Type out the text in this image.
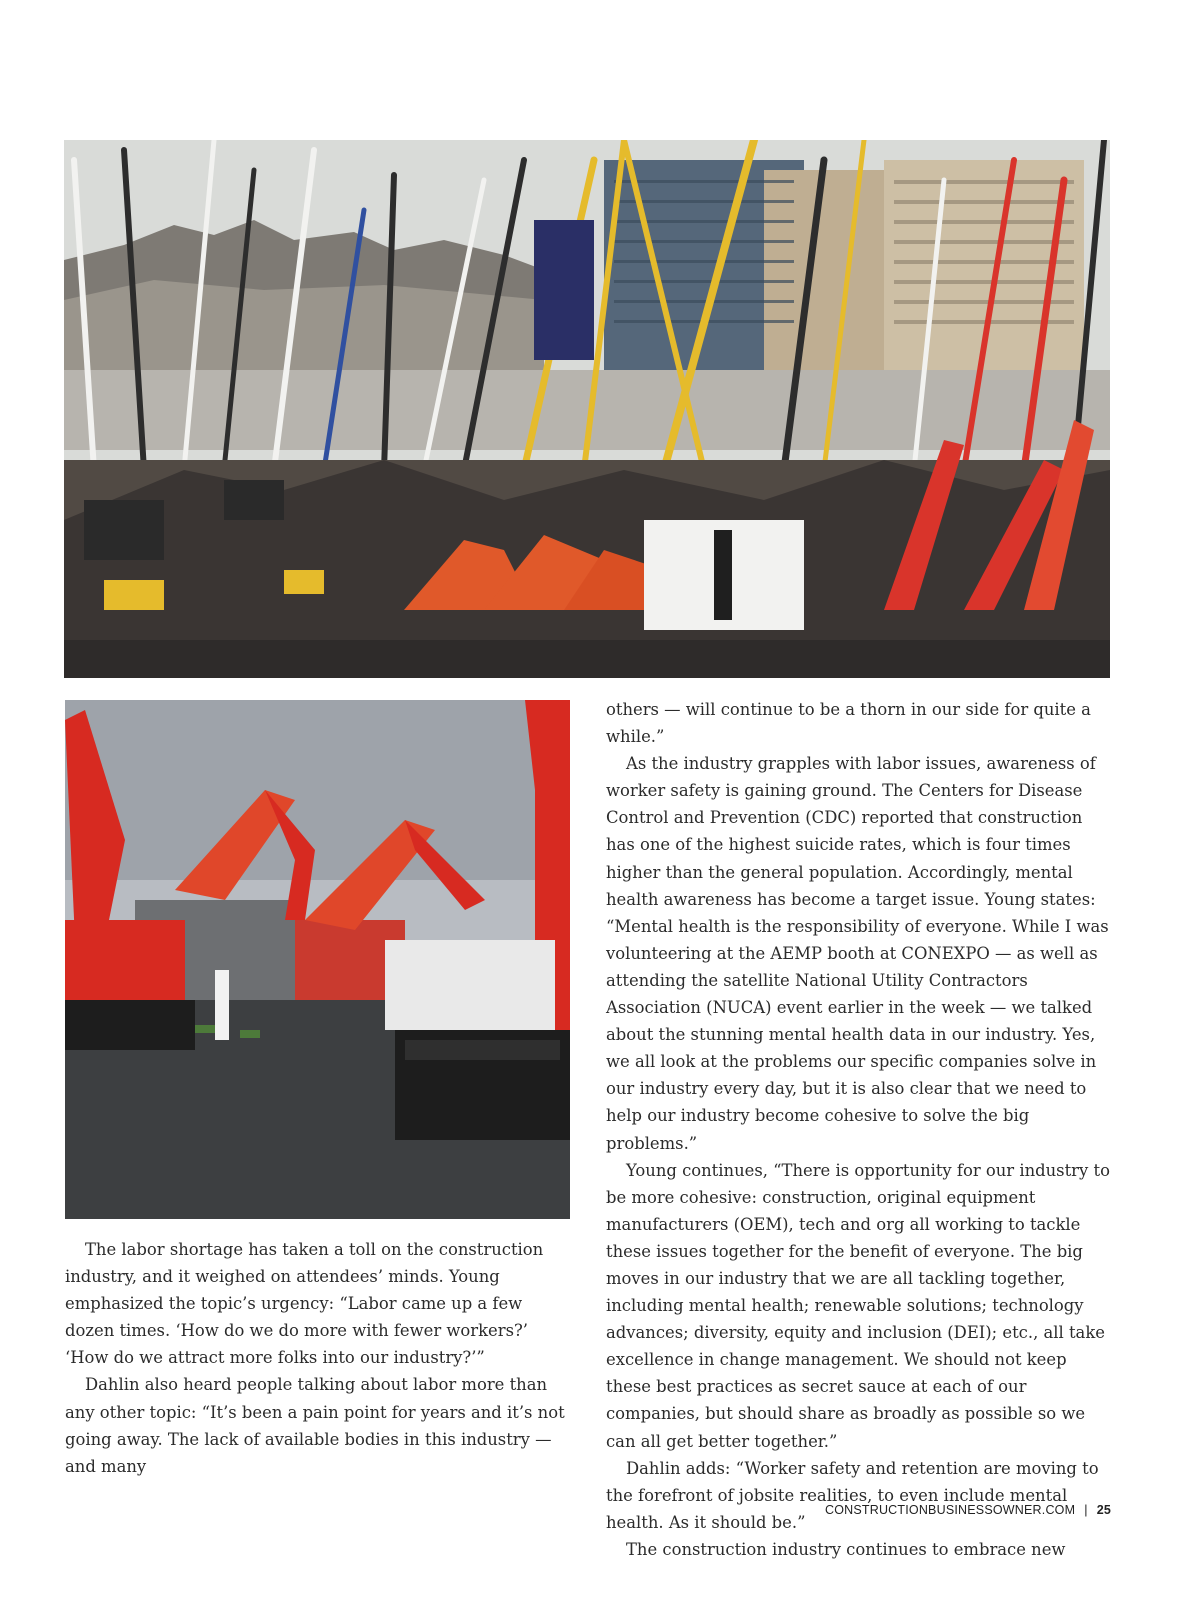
The labor shortage has taken a toll on the construction industry, and it weighed on attendees’ minds. Young emphasized the topic’s urgency: “Labor came up a few dozen times. ‘How do we do more with fewer workers?’ ‘How do we attract more folks into our industry?’”

Dahlin also heard people talking about labor more than any other topic: “It’s been a pain point for years and it’s not going away. The lack of available bodies in this industry — and many

others — will continue to be a thorn in our side for quite a while.”

As the industry grapples with labor issues, awareness of worker safety is gaining ground. The Centers for Disease Control and Prevention (CDC) reported that construction has one of the highest suicide rates, which is four times higher than the general population. Accordingly, mental health awareness has become a target issue. Young states: “Mental health is the responsibility of everyone. While I was volunteering at the AEMP booth at CONEXPO — as well as attending the satellite National Utility Contractors Association (NUCA) event earlier in the week — we talked about the stunning mental health data in our industry. Yes, we all look at the problems our specific companies solve in our industry every day, but it is also clear that we need to help our industry become cohesive to solve the big problems.”

Young continues, “There is opportunity for our industry to be more cohesive: construction, original equipment manufacturers (OEM), tech and org all working to tackle these issues together for the benefit of everyone. The big moves in our industry that we are all tackling together, including mental health; renewable solutions; technology advances; diversity, equity and inclusion (DEI); etc., all take excellence in change management. We should not keep these best practices as secret sauce at each of our companies, but should share as broadly as possible so we can all get better together.”

Dahlin adds: “Worker safety and retention are moving to the forefront of jobsite realities, to even include mental health. As it should be.”

The construction industry continues to embrace new

CONSTRUCTIONBUSINESSOWNER.COM | 25
